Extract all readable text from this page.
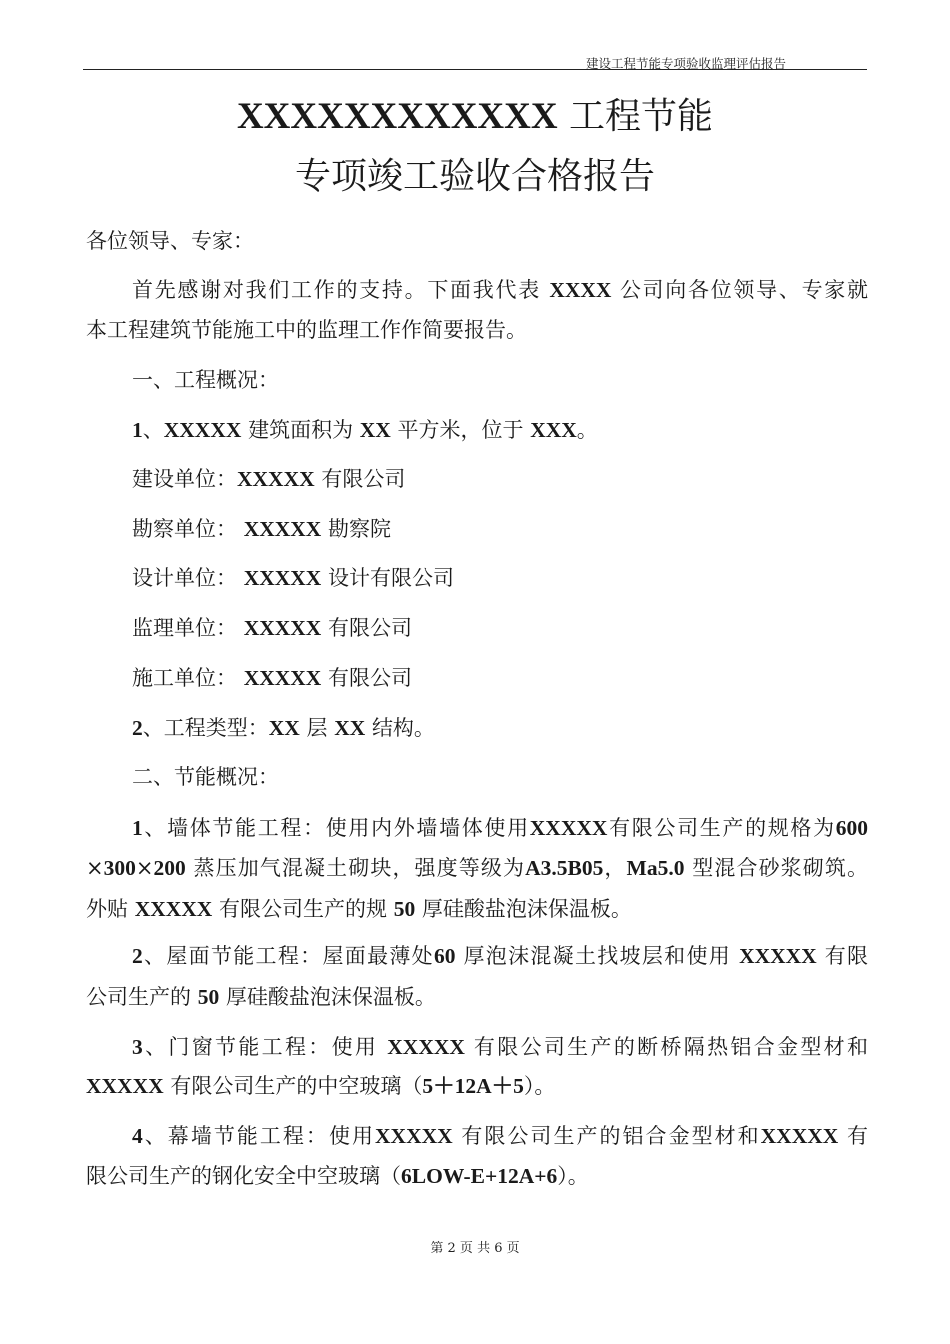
建设工程节能专项验收监理评估报告
XXXXXXXXXXXX 工程节能
专项竣工验收合格报告
各位领导、专家：
首先感谢对我们工作的支持。下面我代表 XXXX 公司向各位领导、专家就
本工程建筑节能施工中的监理工作作简要报告。
一、工程概况：
1、XXXXX 建筑面积为 XX 平方米，位于 XXX。
建设单位：XXXXX 有限公司
勘察单位： XXXXX 勘察院
设计单位： XXXXX 设计有限公司
监理单位： XXXXX 有限公司
施工单位： XXXXX 有限公司
2、工程类型：XX 层 XX 结构。
二、节能概况：
1、墙体节能工程：使用内外墙墙体使用XXXXX有限公司生产的规格为600
×300×200 蒸压加气混凝土砌块，强度等级为A3.5B05，Ma5.0 型混合砂浆砌筑。
外贴 XXXXX 有限公司生产的规 50 厚硅酸盐泡沫保温板。
2、屋面节能工程：屋面最薄处60 厚泡沫混凝土找坡层和使用 XXXXX 有限
公司生产的 50 厚硅酸盐泡沫保温板。
3、门窗节能工程：使用 XXXXX 有限公司生产的断桥隔热铝合金型材和
XXXXX 有限公司生产的中空玻璃（5＋12A＋5）。
4、幕墙节能工程：使用XXXXX 有限公司生产的铝合金型材和XXXXX 有
限公司生产的钢化安全中空玻璃（6LOW-E+12A+6）。
第 2 页 共 6 页
